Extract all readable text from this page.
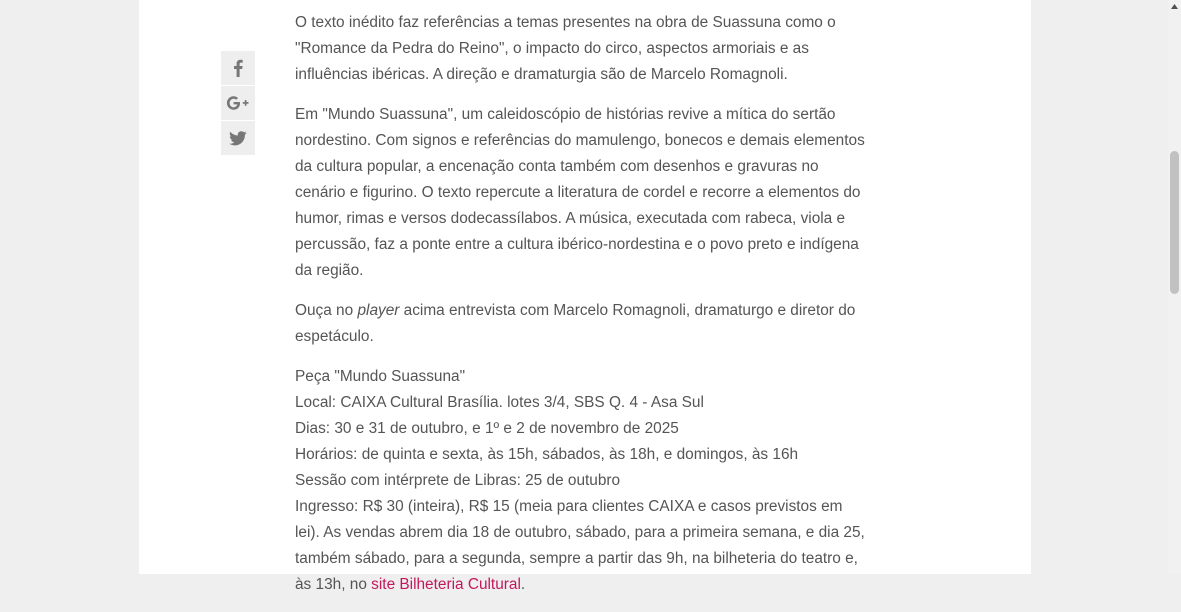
O texto inédito faz referências a temas presentes na obra de Suassuna como o "Romance da Pedra do Reino", o impacto do circo, aspectos armoriais e as influências ibéricas. A direção e dramaturgia são de Marcelo Romagnoli.

Em "Mundo Suassuna", um caleidoscópio de histórias revive a mítica do sertão nordestino. Com signos e referências do mamulengo, bonecos e demais elementos da cultura popular, a encenação conta também com desenhos e gravuras no cenário e figurino. O texto repercute a literatura de cordel e recorre a elementos do humor, rimas e versos dodecassílabos. A música, executada com rabeca, viola e percussão, faz a ponte entre a cultura ibérico-nordestina e o povo preto e indígena da região.

Ouça no player acima entrevista com Marcelo Romagnoli, dramaturgo e diretor do espetáculo.

Peça "Mundo Suassuna"
Local: CAIXA Cultural Brasília. lotes 3/4, SBS Q. 4 - Asa Sul
Dias: 30 e 31 de outubro, e 1º e 2 de novembro de 2025
Horários: de quinta e sexta, às 15h, sábados, às 18h, e domingos, às 16h
Sessão com intérprete de Libras: 25 de outubro
Ingresso: R$ 30 (inteira), R$ 15 (meia para clientes CAIXA e casos previstos em lei). As vendas abrem dia 18 de outubro, sábado, para a primeira semana, e dia 25, também sábado, para a segunda, sempre a partir das 9h, na bilheteria do teatro e, às 13h, no site Bilheteria Cultural.
